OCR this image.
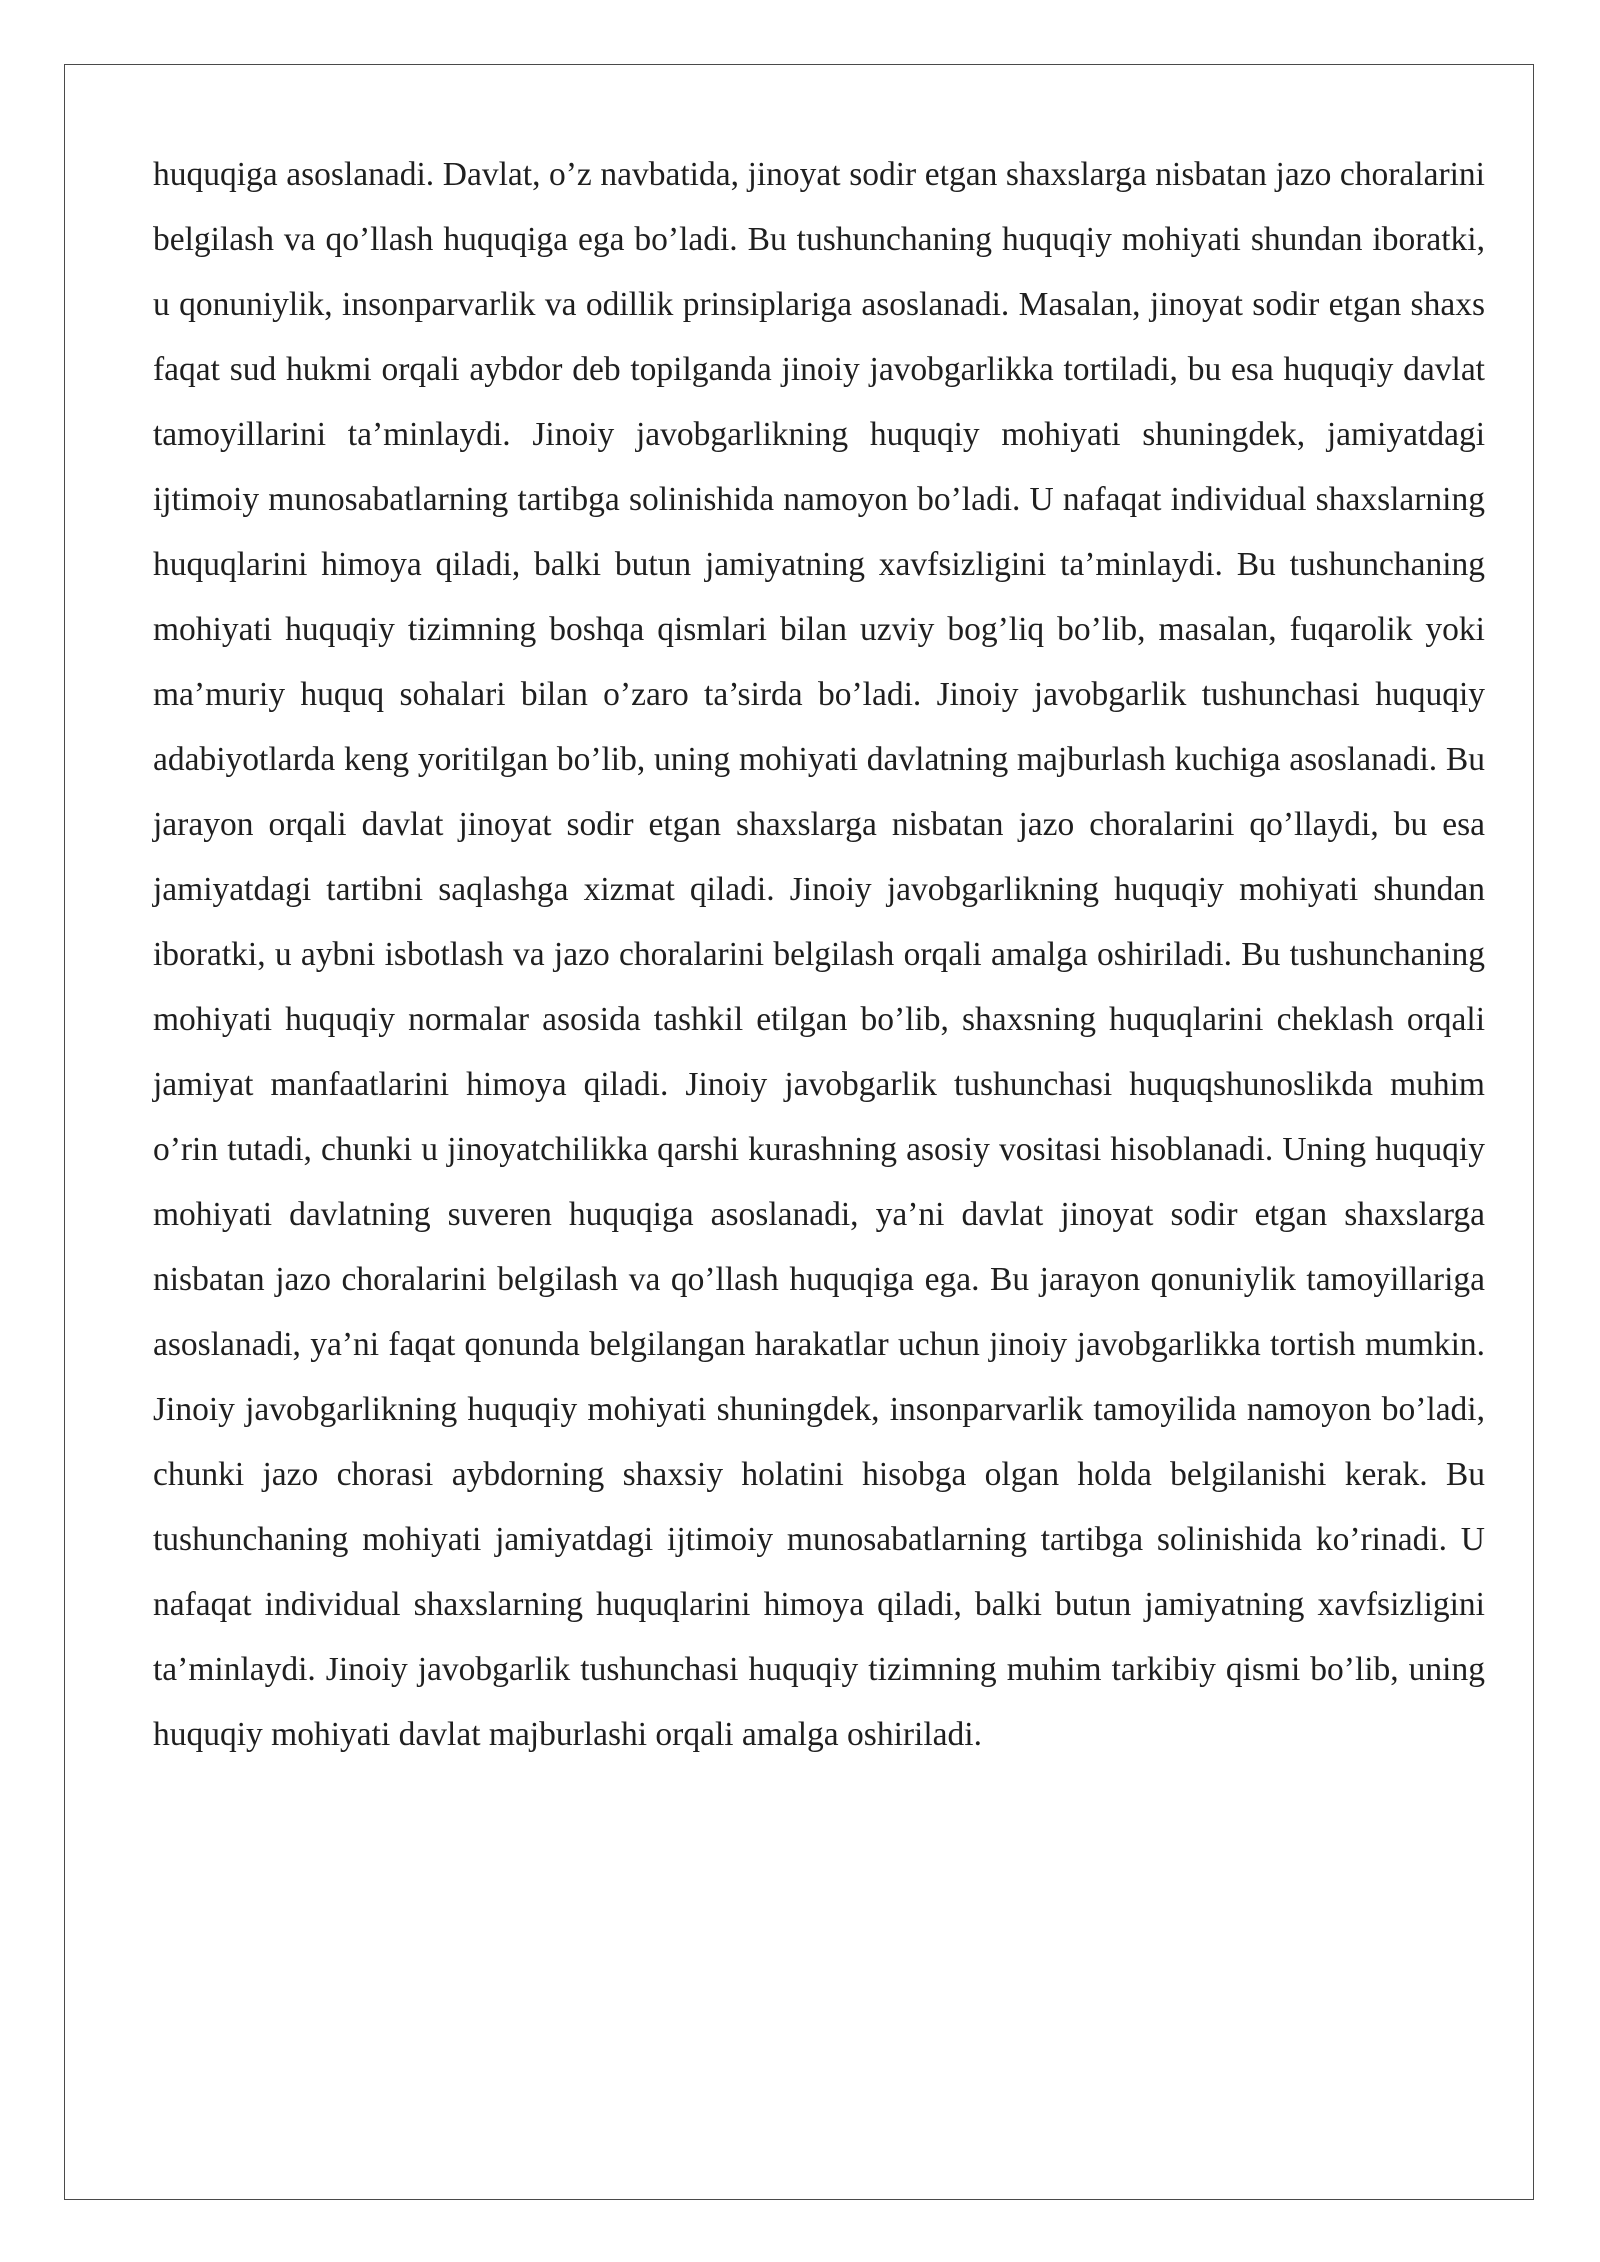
huquqiga asoslanadi. Davlat, o’z navbatida, jinoyat sodir etgan shaxslarga nisbatan jazo choralarini belgilash va qo’llash huquqiga ega bo’ladi. Bu tushunchaning huquqiy mohiyati shundan iboratki, u qonuniylik, insonparvarlik va odillik prinsiplariga asoslanadi. Masalan, jinoyat sodir etgan shaxs faqat sud hukmi orqali aybdor deb topilganda jinoiy javobgarlikka tortiladi, bu esa huquqiy davlat tamoyillarini ta’minlaydi. Jinoiy javobgarlikning huquqiy mohiyati shuningdek, jamiyatdagi ijtimoiy munosabatlarning tartibga solinishida namoyon bo’ladi. U nafaqat individual shaxslarning huquqlarini himoya qiladi, balki butun jamiyatning xavfsizligini ta’minlaydi. Bu tushunchaning mohiyati huquqiy tizimning boshqa qismlari bilan uzviy bog’liq bo’lib, masalan, fuqarolik yoki ma’muriy huquq sohalari bilan o’zaro ta’sirda bo’ladi. Jinoiy javobgarlik tushunchasi huquqiy adabiyotlarda keng yoritilgan bo’lib, uning mohiyati davlatning majburlash kuchiga asoslanadi. Bu jarayon orqali davlat jinoyat sodir etgan shaxslarga nisbatan jazo choralarini qo’llaydi, bu esa jamiyatdagi tartibni saqlashga xizmat qiladi. Jinoiy javobgarlikning huquqiy mohiyati shundan iboratki, u aybni isbotlash va jazo choralarini belgilash orqali amalga oshiriladi. Bu tushunchaning mohiyati huquqiy normalar asosida tashkil etilgan bo’lib, shaxsning huquqlarini cheklash orqali jamiyat manfaatlarini himoya qiladi. Jinoiy javobgarlik tushunchasi huquqshunoslikda muhim o’rin tutadi, chunki u jinoyatchilikka qarshi kurashning asosiy vositasi hisoblanadi. Uning huquqiy mohiyati davlatning suveren huquqiga asoslanadi, ya’ni davlat jinoyat sodir etgan shaxslarga nisbatan jazo choralarini belgilash va qo’llash huquqiga ega. Bu jarayon qonuniylik tamoyillariga asoslanadi, ya’ni faqat qonunda belgilangan harakatlar uchun jinoiy javobgarlikka tortish mumkin. Jinoiy javobgarlikning huquqiy mohiyati shuningdek, insonparvarlik tamoyilida namoyon bo’ladi, chunki jazo chorasi aybdorning shaxsiy holatini hisobga olgan holda belgilanishi kerak. Bu tushunchaning mohiyati jamiyatdagi ijtimoiy munosabatlarning tartibga solinishida ko’rinadi. U nafaqat individual shaxslarning huquqlarini himoya qiladi, balki butun jamiyatning xavfsizligini ta’minlaydi. Jinoiy javobgarlik tushunchasi huquqiy tizimning muhim tarkibiy qismi bo’lib, uning huquqiy mohiyati davlat majburlashi orqali amalga oshiriladi.
